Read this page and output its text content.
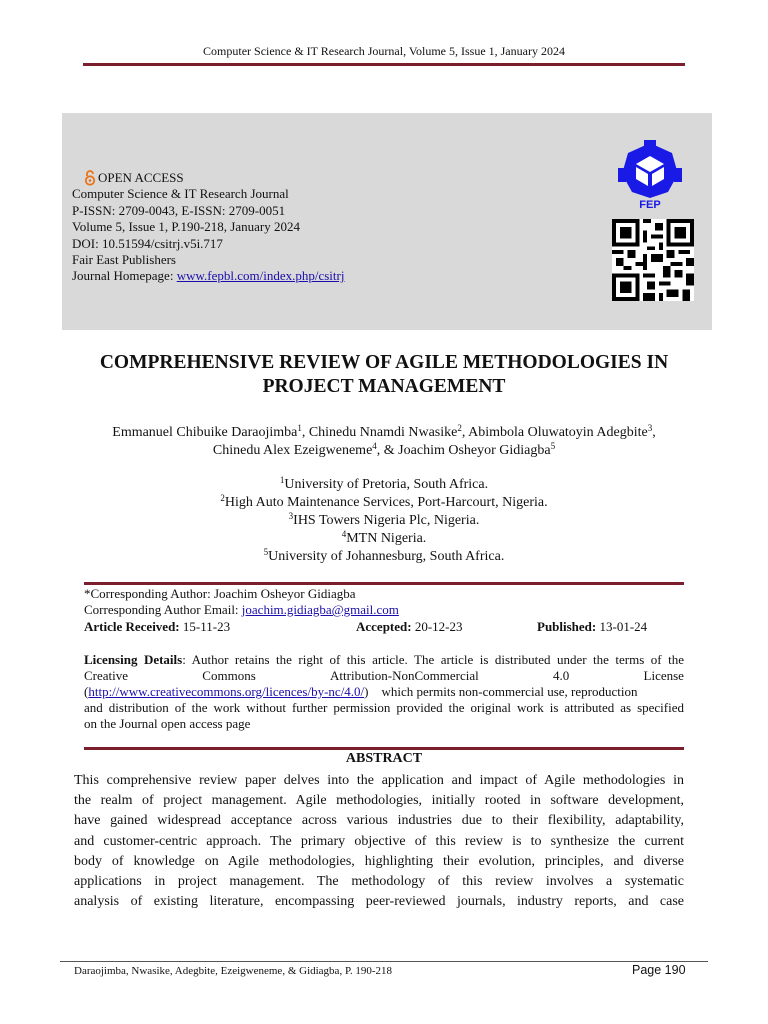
Computer Science & IT Research Journal, Volume 5, Issue 1, January 2024
OPEN ACCESS
Computer Science & IT Research Journal
P-ISSN: 2709-0043, E-ISSN: 2709-0051
Volume 5, Issue 1, P.190-218, January 2024
DOI: 10.51594/csitrj.v5i.717
Fair East Publishers
Journal Homepage: www.fepbl.com/index.php/csitrj
FEP
COMPREHENSIVE REVIEW OF AGILE METHODOLOGIES IN
PROJECT MANAGEMENT
Emmanuel Chibuike Daraojimba$^1$, Chinedu Nnamdi Nwasike$^2$, Abimbola Oluwatoyin Adegbite$^3$,
Chinedu Alex Ezeigweneme$^4$, & Joachim Osheyor Gidiagba$^5$
$^1$University of Pretoria, South Africa.
$^2$High Auto Maintenance Services, Port-Harcourt, Nigeria.
$^3$IHS Towers Nigeria Plc, Nigeria.
$^4$MTN Nigeria.
$^5$University of Johannesburg, South Africa.
*Corresponding Author: Joachim Osheyor Gidiagba
Corresponding Author Email: joachim.gidiagba@gmail.com
Article Received: 15-11-23	Accepted: 20-12-23	Published: 13-01-24
Licensing Details: Author retains the right of this article. The article is distributed under the terms of the
Creative	Commons	Attribution-NonCommercial	4.0	License
(http://www.creativecommons.org/licences/by-nc/4.0/)    which permits non-commercial use, reproduction
and distribution of the work without further permission provided the original work is attributed as specified
on the Journal open access page
ABSTRACT
This comprehensive review paper delves into the application and impact of Agile methodologies in
the realm of project management. Agile methodologies, initially rooted in software development,
have gained widespread acceptance across various industries due to their flexibility, adaptability,
and customer-centric approach. The primary objective of this review is to synthesize the current
body of knowledge on Agile methodologies, highlighting their evolution, principles, and diverse
applications in project management. The methodology of this review involves a systematic
analysis of existing literature, encompassing peer-reviewed journals, industry reports, and case
Daraojimba, Nwasike, Adegbite, Ezeigweneme, & Gidiagba, P. 190-218	Page 190
